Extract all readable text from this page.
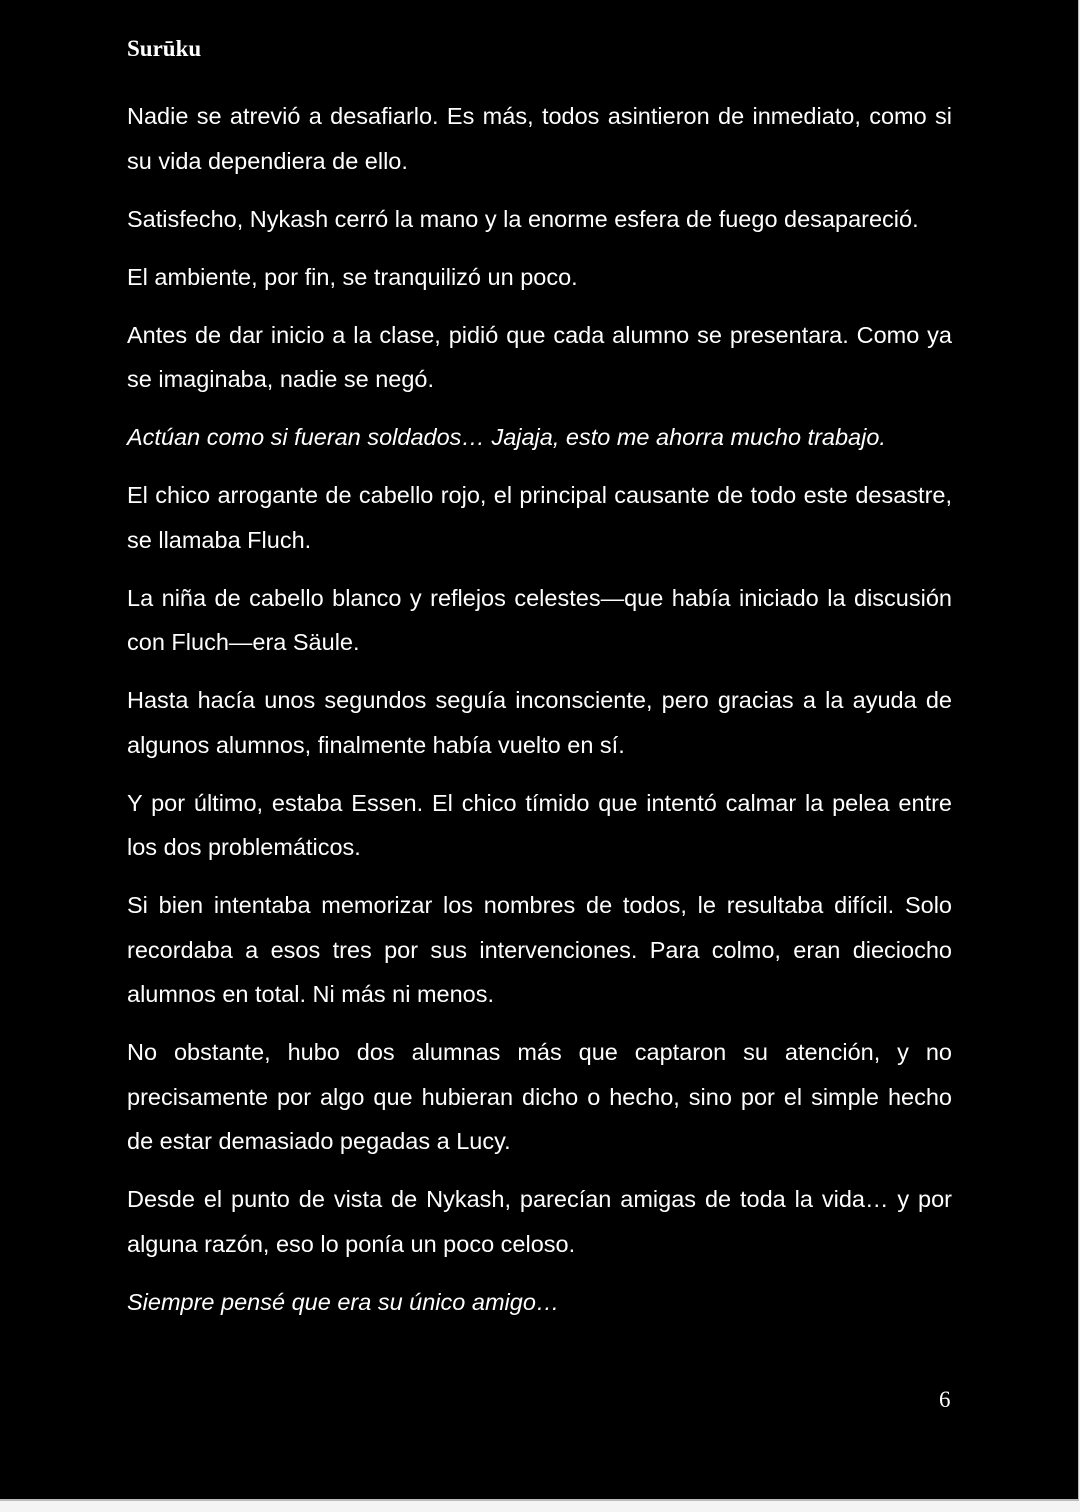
Surūku

Nadie se atrevió a desafiarlo. Es más, todos asintieron de inmediato, como si su vida dependiera de ello.

Satisfecho, Nykash cerró la mano y la enorme esfera de fuego desapareció.

El ambiente, por fin, se tranquilizó un poco.

Antes de dar inicio a la clase, pidió que cada alumno se presentara. Como ya se imaginaba, nadie se negó.

Actúan como si fueran soldados… Jajaja, esto me ahorra mucho trabajo.

El chico arrogante de cabello rojo, el principal causante de todo este desastre, se llamaba Fluch.

La niña de cabello blanco y reflejos celestes—que había iniciado la discusión con Fluch—era Säule.

Hasta hacía unos segundos seguía inconsciente, pero gracias a la ayuda de algunos alumnos, finalmente había vuelto en sí.

Y por último, estaba Essen. El chico tímido que intentó calmar la pelea entre los dos problemáticos.

Si bien intentaba memorizar los nombres de todos, le resultaba difícil. Solo recordaba a esos tres por sus intervenciones. Para colmo, eran dieciocho alumnos en total. Ni más ni menos.

No obstante, hubo dos alumnas más que captaron su atención, y no precisamente por algo que hubieran dicho o hecho, sino por el simple hecho de estar demasiado pegadas a Lucy.

Desde el punto de vista de Nykash, parecían amigas de toda la vida… y por alguna razón, eso lo ponía un poco celoso.

Siempre pensé que era su único amigo…

6
